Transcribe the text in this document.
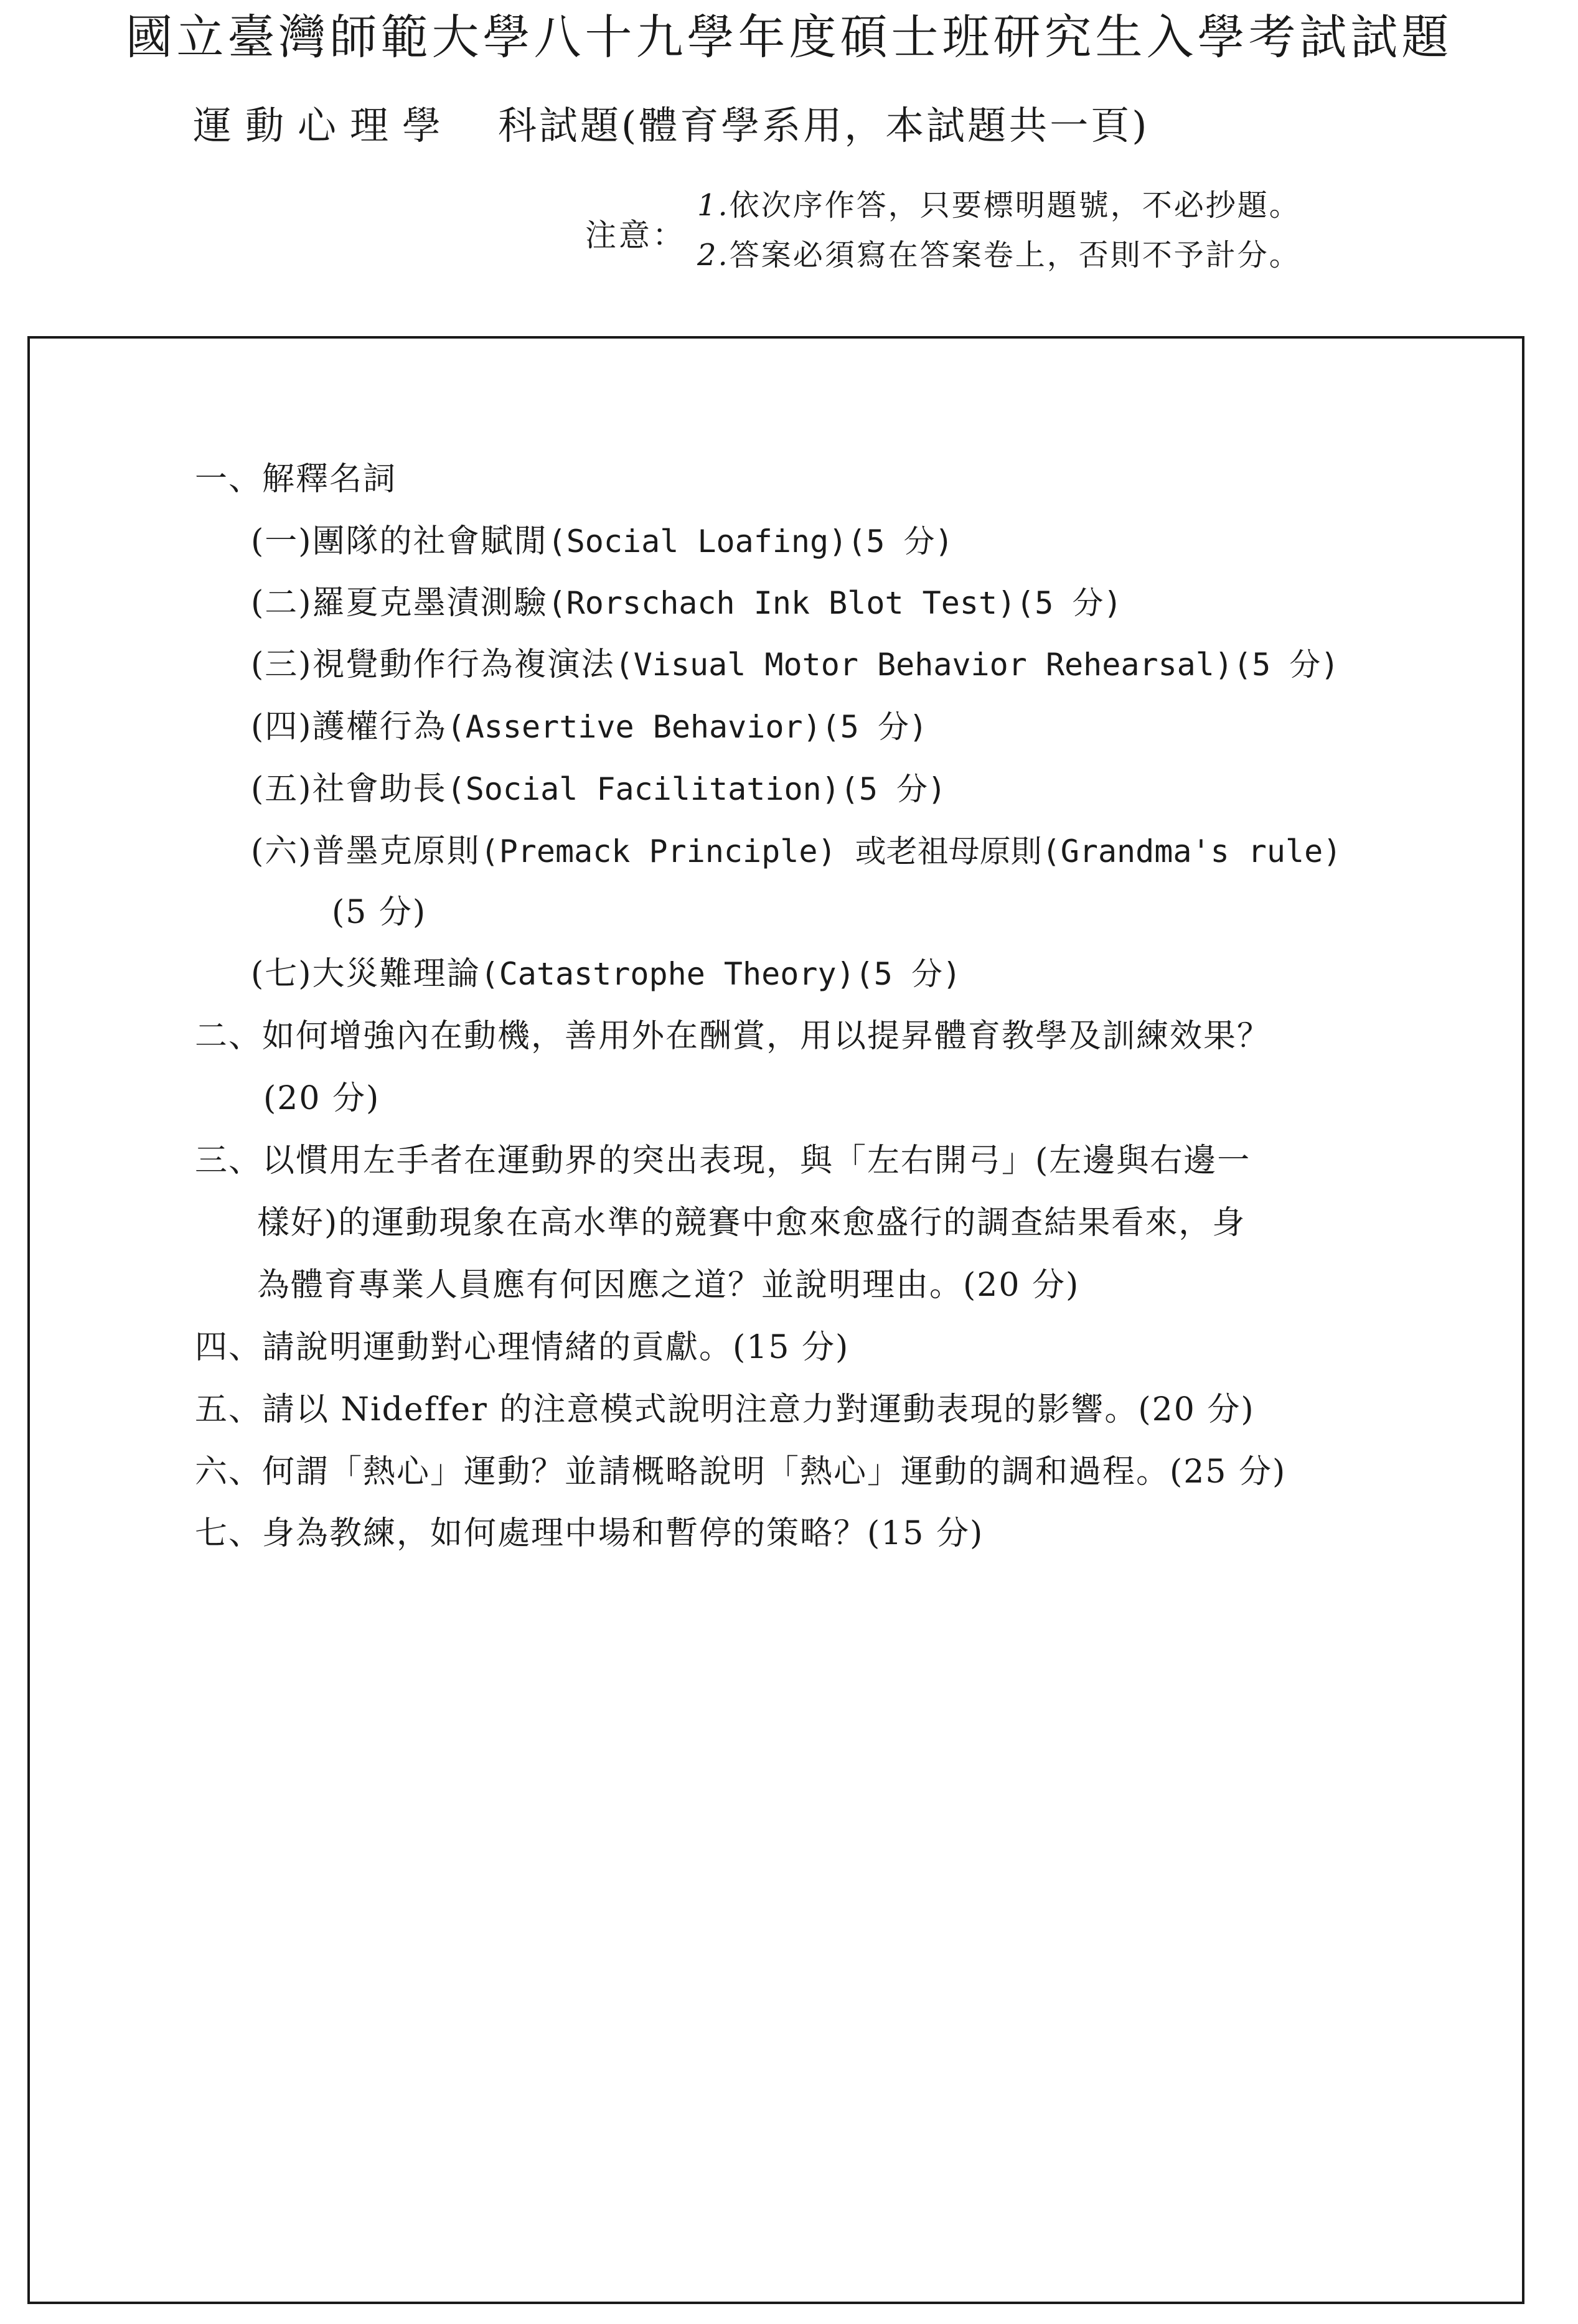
國立臺灣師範大學八十九學年度碩士班研究生入學考試試題
運動心理學 科試題(體育學系用，本試題共一頁)
注意：
1.依次序作答，只要標明題號，不必抄題。
2.答案必須寫在答案卷上，否則不予計分。
一、解釋名詞
(一)團隊的社會賦閒(Social Loafing)(5 分)
(二)羅夏克墨漬測驗(Rorschach Ink Blot Test)(5 分)
(三)視覺動作行為複演法(Visual Motor Behavior Rehearsal)(5 分)
(四)護權行為(Assertive Behavior)(5 分)
(五)社會助長(Social Facilitation)(5 分)
(六)普墨克原則(Premack Principle) 或老祖母原則(Grandma's rule)
(5 分)
(七)大災難理論(Catastrophe Theory)(5 分)
二、如何增強內在動機，善用外在酬賞，用以提昇體育教學及訓練效果？
(20 分)
三、以慣用左手者在運動界的突出表現，與「左右開弓」(左邊與右邊一
樣好)的運動現象在高水準的競賽中愈來愈盛行的調查結果看來，身
為體育專業人員應有何因應之道？並說明理由。(20 分)
四、請說明運動對心理情緒的貢獻。(15 分)
五、請以 Nideffer 的注意模式說明注意力對運動表現的影響。(20 分)
六、何謂「熱心」運動？並請概略說明「熱心」運動的調和過程。(25 分)
七、身為教練，如何處理中場和暫停的策略？(15 分)
